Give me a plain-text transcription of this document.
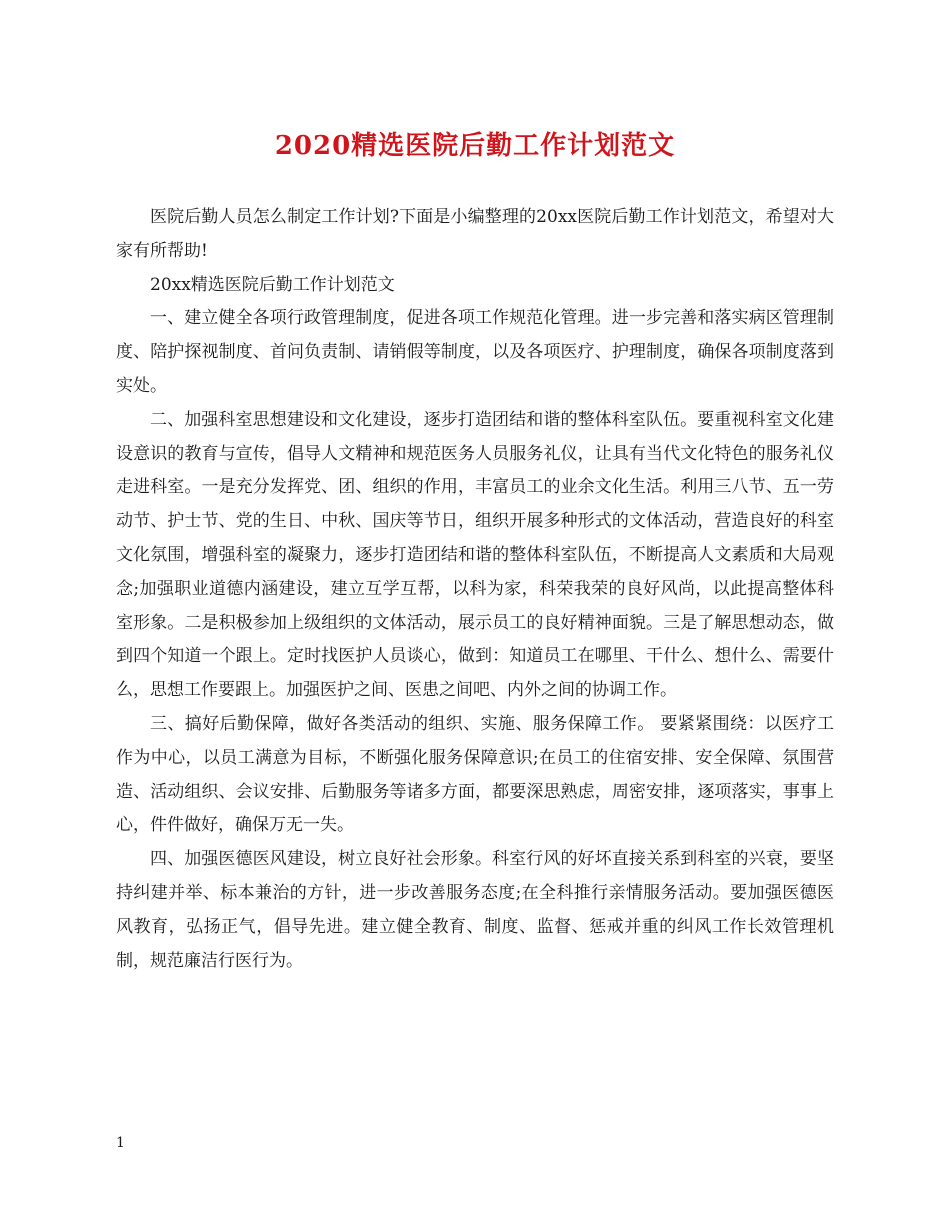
2020精选医院后勤工作计划范文

医院后勤人员怎么制定工作计划?下面是小编整理的20xx医院后勤工作计划范文，希望对大家有所帮助!

20xx精选医院后勤工作计划范文

一、建立健全各项行政管理制度，促进各项工作规范化管理。进一步完善和落实病区管理制度、陪护探视制度、首问负责制、请销假等制度，以及各项医疗、护理制度，确保各项制度落到实处。

二、加强科室思想建设和文化建设，逐步打造团结和谐的整体科室队伍。要重视科室文化建设意识的教育与宣传，倡导人文精神和规范医务人员服务礼仪，让具有当代文化特色的服务礼仪走进科室。一是充分发挥党、团、组织的作用，丰富员工的业余文化生活。利用三八节、五一劳动节、护士节、党的生日、中秋、国庆等节日，组织开展多种形式的文体活动，营造良好的科室文化氛围，增强科室的凝聚力，逐步打造团结和谐的整体科室队伍，不断提高人文素质和大局观念;加强职业道德内涵建设，建立互学互帮，以科为家，科荣我荣的良好风尚，以此提高整体科室形象。二是积极参加上级组织的文体活动，展示员工的良好精神面貌。三是了解思想动态，做到四个知道一个跟上。定时找医护人员谈心，做到：知道员工在哪里、干什么、想什么、需要什么，思想工作要跟上。加强医护之间、医患之间吧、内外之间的协调工作。

三、搞好后勤保障，做好各类活动的组织、实施、服务保障工作。 要紧紧围绕：以医疗工作为中心，以员工满意为目标，不断强化服务保障意识;在员工的住宿安排、安全保障、氛围营造、活动组织、会议安排、后勤服务等诸多方面，都要深思熟虑，周密安排，逐项落实，事事上心，件件做好，确保万无一失。

四、加强医德医风建设，树立良好社会形象。科室行风的好坏直接关系到科室的兴衰，要坚持纠建并举、标本兼治的方针，进一步改善服务态度;在全科推行亲情服务活动。要加强医德医风教育，弘扬正气，倡导先进。建立健全教育、制度、监督、惩戒并重的纠风工作长效管理机制，规范廉洁行医行为。

1
